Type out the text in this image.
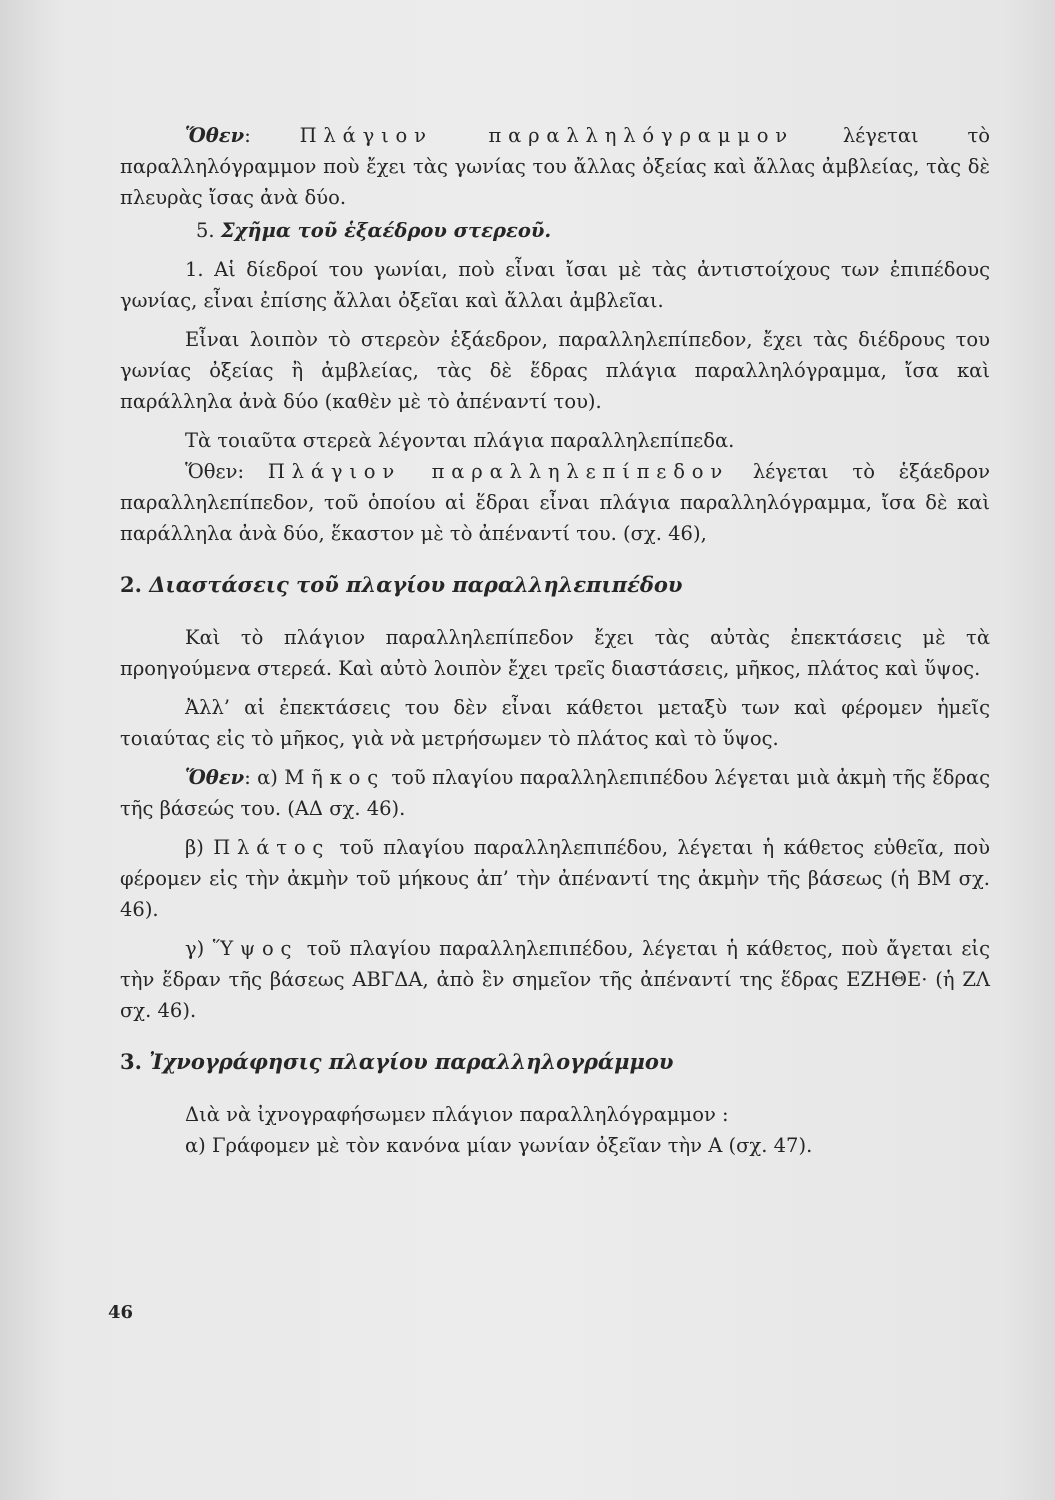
Ὅθεν: Πλάγιον παραλληλόγραμμον λέγεται τὸ παραλληλόγραμμον ποὺ ἔχει τὰς γωνίας του ἄλλας ὀξείας καὶ ἄλλας ἀμβλείας, τὰς δὲ πλευρὰς ἴσας ἀνὰ δύο.

5. Σχῆμα τοῦ ἑξαέδρου στερεοῦ.

1. Αἱ δίεδροί του γωνίαι, ποὺ εἶναι ἴσαι μὲ τὰς ἀντιστοίχους των ἐπιπέδους γωνίας, εἶναι ἐπίσης ἄλλαι ὀξεῖαι καὶ ἄλλαι ἀμβλεῖαι.

Εἶναι λοιπὸν τὸ στερεὸν ἑξάεδρον, παραλληλεπίπεδον, ἔχει τὰς διέδρους του γωνίας ὀξείας ἢ ἀμβλείας, τὰς δὲ ἕδρας πλάγια παραλληλόγραμμα, ἴσα καὶ παράλληλα ἀνὰ δύο (καθὲν μὲ τὸ ἀπέναντί του).

Τὰ τοιαῦτα στερεὰ λέγονται πλάγια παραλληλεπίπεδα.

Ὅθεν: Πλάγιον παραλληλεπίπεδον λέγεται τὸ ἑξάεδρον παραλληλεπίπεδον, τοῦ ὁποίου αἱ ἕδραι εἶναι πλάγια παραλληλόγραμμα, ἴσα δὲ καὶ παράλληλα ἀνὰ δύο, ἕκαστον μὲ τὸ ἀπέναντί του. (σχ. 46),

2. Διαστάσεις τοῦ πλαγίου παραλληλεπιπέδου

Καὶ τὸ πλάγιον παραλληλεπίπεδον ἔχει τὰς αὐτὰς ἐπεκτάσεις μὲ τὰ προηγούμενα στερεά. Καὶ αὐτὸ λοιπὸν ἔχει τρεῖς διαστάσεις, μῆκος, πλάτος καὶ ὕψος.

Ἀλλ’ αἱ ἐπεκτάσεις του δὲν εἶναι κάθετοι μεταξὺ των καὶ φέρομεν ἡμεῖς τοιαύτας εἰς τὸ μῆκος, γιὰ νὰ μετρήσωμεν τὸ πλάτος καὶ τὸ ὕψος.

Ὅθεν: α) Μῆκος τοῦ πλαγίου παραλληλεπιπέδου λέγεται μιὰ ἀκμὴ τῆς ἕδρας τῆς βάσεώς του. (ΑΔ σχ. 46).

β) Πλάτος τοῦ πλαγίου παραλληλεπιπέδου, λέγεται ἡ κάθετος εὐθεῖα, ποὺ φέρομεν εἰς τὴν ἀκμὴν τοῦ μήκους ἀπ’ τὴν ἀπέναντί της ἀκμὴν τῆς βάσεως (ἡ ΒΜ σχ. 46).

γ) Ὕψος τοῦ πλαγίου παραλληλεπιπέδου, λέγεται ἡ κάθετος, ποὺ ἄγεται εἰς τὴν ἕδραν τῆς βάσεως ΑΒΓΔΑ, ἀπὸ ἓν σημεῖον τῆς ἀπέναντί της ἕδρας ΕΖΗΘΕ· (ἡ ΖΛ σχ. 46).

3. Ἰχνογράφησις πλαγίου παραλληλογράμμου

Διὰ νὰ ἰχνογραφήσωμεν πλάγιον παραλληλόγραμμον :

α) Γράφομεν μὲ τὸν κανόνα μίαν γωνίαν ὀξεῖαν τὴν Α (σχ. 47).

46
